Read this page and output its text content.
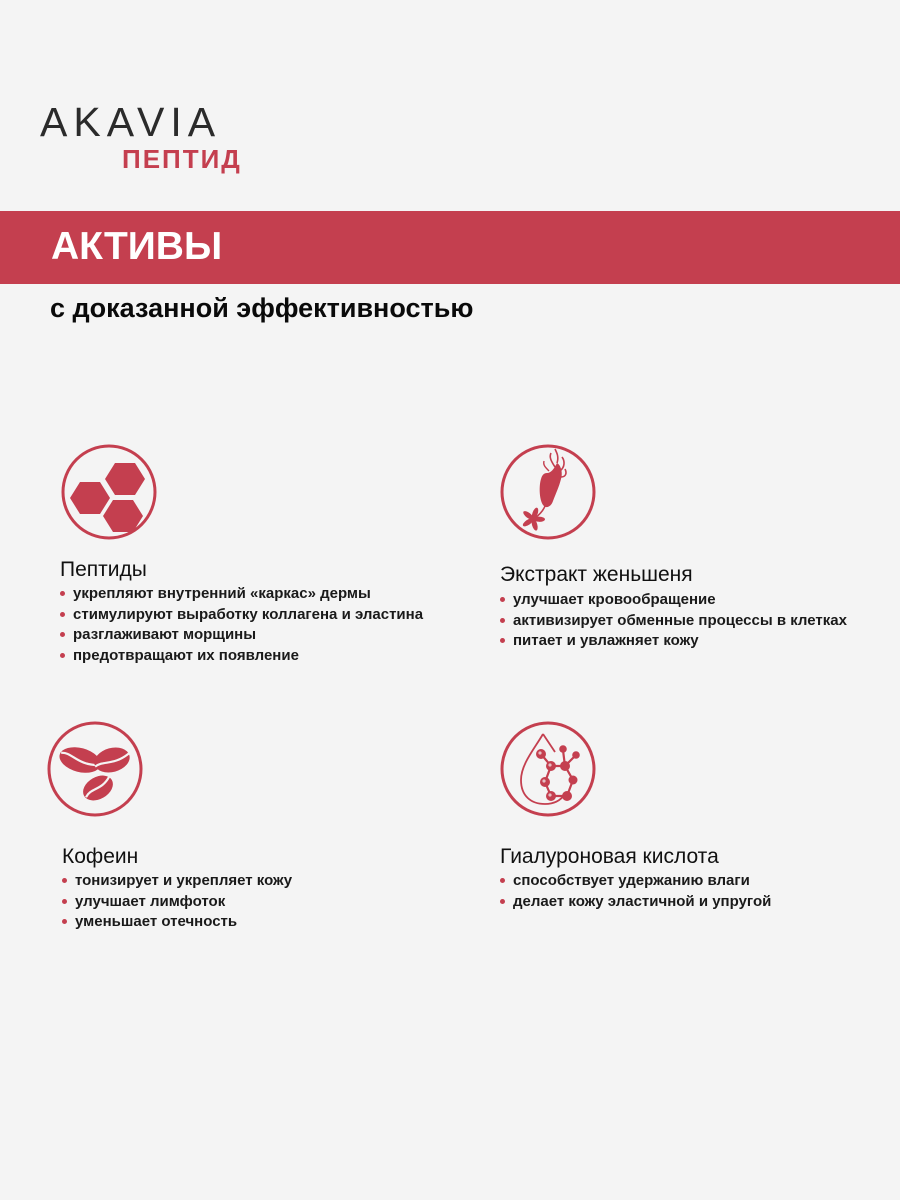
AKAVIA
ПЕПТИД
АКТИВЫ
с доказанной эффективностью
Пептиды
укрепляют внутренний «каркас» дермы
стимулируют выработку коллагена и эластина
разглаживают морщины
предотвращают их появление
Экстракт женьшеня
улучшает кровообращение
активизирует обменные процессы в клетках
питает и увлажняет кожу
Кофеин
тонизирует и укрепляет кожу
улучшает лимфоток
уменьшает отечность
Гиалуроновая кислота
способствует удержанию влаги
делает кожу эластичной и упругой
